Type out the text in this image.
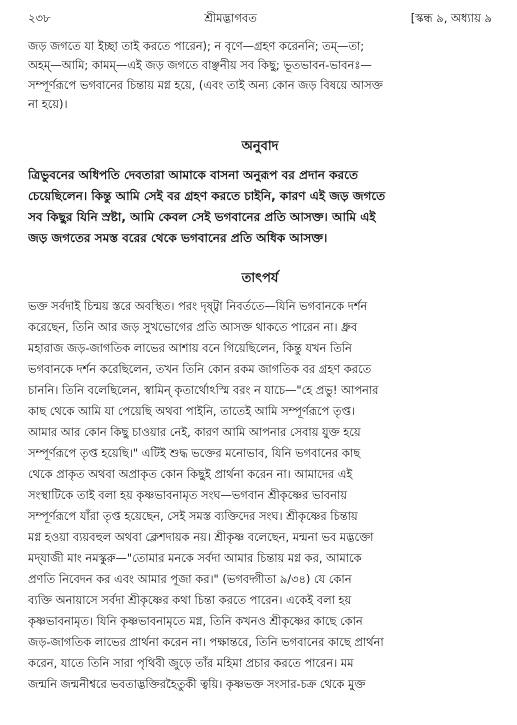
২৩৮	শ্রীমদ্ভাগবত	[স্কন্ধ ৯, অধ্যায় ৯
জড় জগতে যা ইচ্ছা তাই করতে পারেন); ন বৃণে—গ্রহণ করেননি; তম্—তা;
অহম্—আমি; কামম্—এই জড় জগতে বাঞ্ছনীয় সব কিছু; ভূতভাবন-ভাবনঃ—
সম্পূর্ণরূপে ভগবানের চিন্তায় মগ্ন হয়ে, (এবং তাই অন্য কোন জড় বিষয়ে আসক্ত
না হয়ে)।
অনুবাদ
ত্রিভুবনের অধিপতি দেবতারা আমাকে বাসনা অনুরূপ বর প্রদান করতে
চেয়েছিলেন। কিন্তু আমি সেই বর গ্রহণ করতে চাইনি, কারণ এই জড় জগতে
সব কিছুর যিনি স্রষ্টা, আমি কেবল সেই ভগবানের প্রতি আসক্ত। আমি এই
জড় জগতের সমস্ত বরের থেকে ভগবানের প্রতি অধিক আসক্ত।
তাৎপর্য
ভক্ত সর্বদাই চিন্ময় স্তরে অবস্থিত। পরং দৃষ্ট্বা নিবর্ততে—যিনি ভগবানকে দর্শন
করেছেন, তিনি আর জড় সুখভোগের প্রতি আসক্ত থাকতে পারেন না। ধ্রুব
মহারাজ জড়-জাগতিক লাভের আশায় বনে গিয়েছিলেন, কিন্তু যখন তিনি
ভগবানকে দর্শন করেছিলেন, তখন তিনি কোন রকম জাগতিক বর গ্রহণ করতে
চাননি। তিনি বলেছিলেন, স্বামিন্ কৃতার্থোঽস্মি বরং ন যাচে—"হে প্রভু! আপনার
কাছ থেকে আমি যা পেয়েছি অথবা পাইনি, তাতেই আমি সম্পূর্ণরূপে তৃপ্ত।
আমার আর কোন কিছু চাওয়ার নেই, কারণ আমি আপনার সেবায় যুক্ত হয়ে
সম্পূর্ণরূপে তৃপ্ত হয়েছি।" এটিই শুদ্ধ ভক্তের মনোভাব, যিনি ভগবানের কাছ
থেকে প্রাকৃত অথবা অপ্রাকৃত কোন কিছুই প্রার্থনা করেন না। আমাদের এই
সংস্থাটিকে তাই বলা হয় কৃষ্ণভাবনামৃত সংঘ—ভগবান শ্রীকৃষ্ণের ভাবনায়
সম্পূর্ণরূপে যাঁরা তৃপ্ত হয়েছেন, সেই সমস্ত ব্যক্তিদের সংঘ। শ্রীকৃষ্ণের চিন্তায়
মগ্ন হওয়া ব্যয়বহুল অথবা ক্লেশদায়ক নয়। শ্রীকৃষ্ণ বলেছেন, মন্মনা ভব মদ্ভক্তো
মদ্‌যাজী মাং নমস্কুরু—"তোমার মনকে সর্বদা আমার চিন্তায় মগ্ন কর, আমাকে
প্রণতি নিবেদন কর এবং আমার পূজা কর।" (ভগবদ্গীতা ৯/৩৪) যে কোন
ব্যক্তি অনায়াসে সর্বদা শ্রীকৃষ্ণের কথা চিন্তা করতে পারেন। একেই বলা হয়
কৃষ্ণভাবনামৃত। যিনি কৃষ্ণভাবনামৃতে মগ্ন, তিনি কখনও শ্রীকৃষ্ণের কাছে কোন
জড়-জাগতিক লাভের প্রার্থনা করেন না। পক্ষান্তরে, তিনি ভগবানের কাছে প্রার্থনা
করেন, যাতে তিনি সারা পৃথিবী জুড়ে তাঁর মহিমা প্রচার করতে পারেন। মম
জন্মনি জন্মনীশ্বরে ভবতাদ্ভক্তিরহৈতুকী ত্বয়ি। কৃষ্ণভক্ত সংসার-চক্র থেকে মুক্ত
